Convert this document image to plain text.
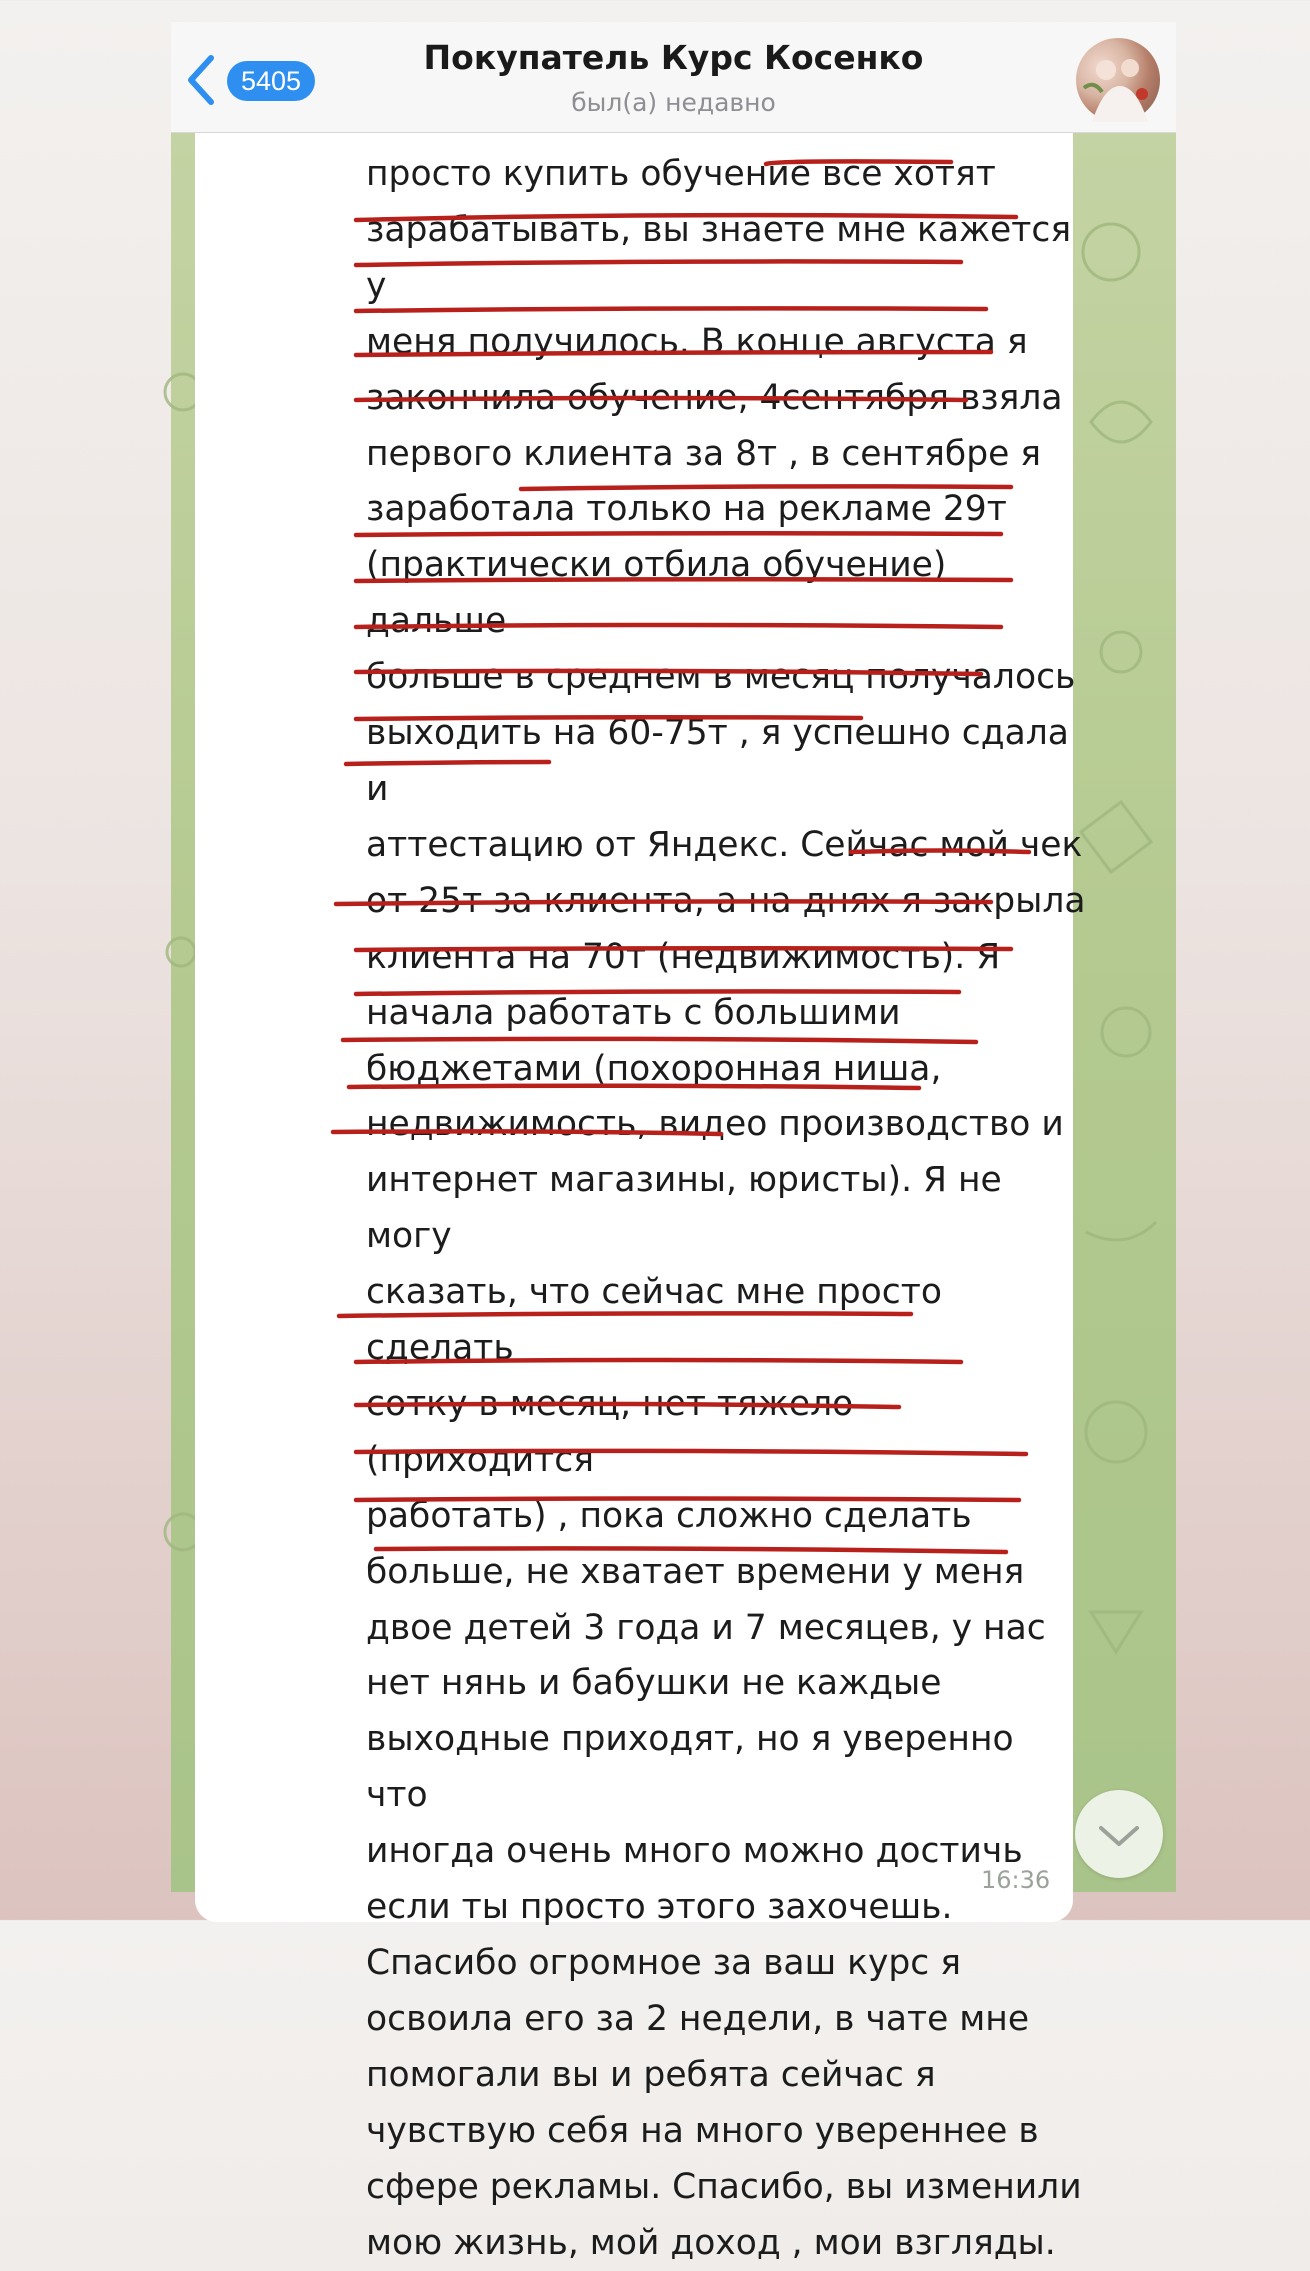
5405
Покупатель Курс Косенко
был(а) недавно
просто купить обучение все хотят
зарабатывать, вы знаете мне кажется у
меня получилось. В конце августа я
закончила обучение, 4сентября взяла
первого клиента за 8т , в сентябре я
заработала только на рекламе 29т
(практически отбила обучение) дальше
больше в среднем в месяц получалось
выходить на 60-75т , я успешно сдала и
аттестацию от Яндекс. Сейчас мой чек
от 25т за клиента, а на днях я закрыла
клиента на 70т (недвижимость). Я
начала работать с большими
бюджетами (похоронная ниша,
недвижимость, видео производство и
интернет магазины, юристы). Я не могу
сказать, что сейчас мне просто сделать
сотку в месяц, нет тяжело (приходится
работать) , пока сложно сделать
больше, не хватает времени у меня
двое детей 3 года и 7 месяцев, у нас
нет нянь и бабушки не каждые
выходные приходят, но я уверенно что
иногда очень много можно достичь
если ты просто этого захочешь.
Спасибо огромное за ваш курс я
освоила его за 2 недели, в чате мне
помогали вы и ребята сейчас я
чувствую себя на много увереннее в
сфере рекламы. Спасибо, вы изменили
мою жизнь, мой доход , мои взгляды.
16:36
